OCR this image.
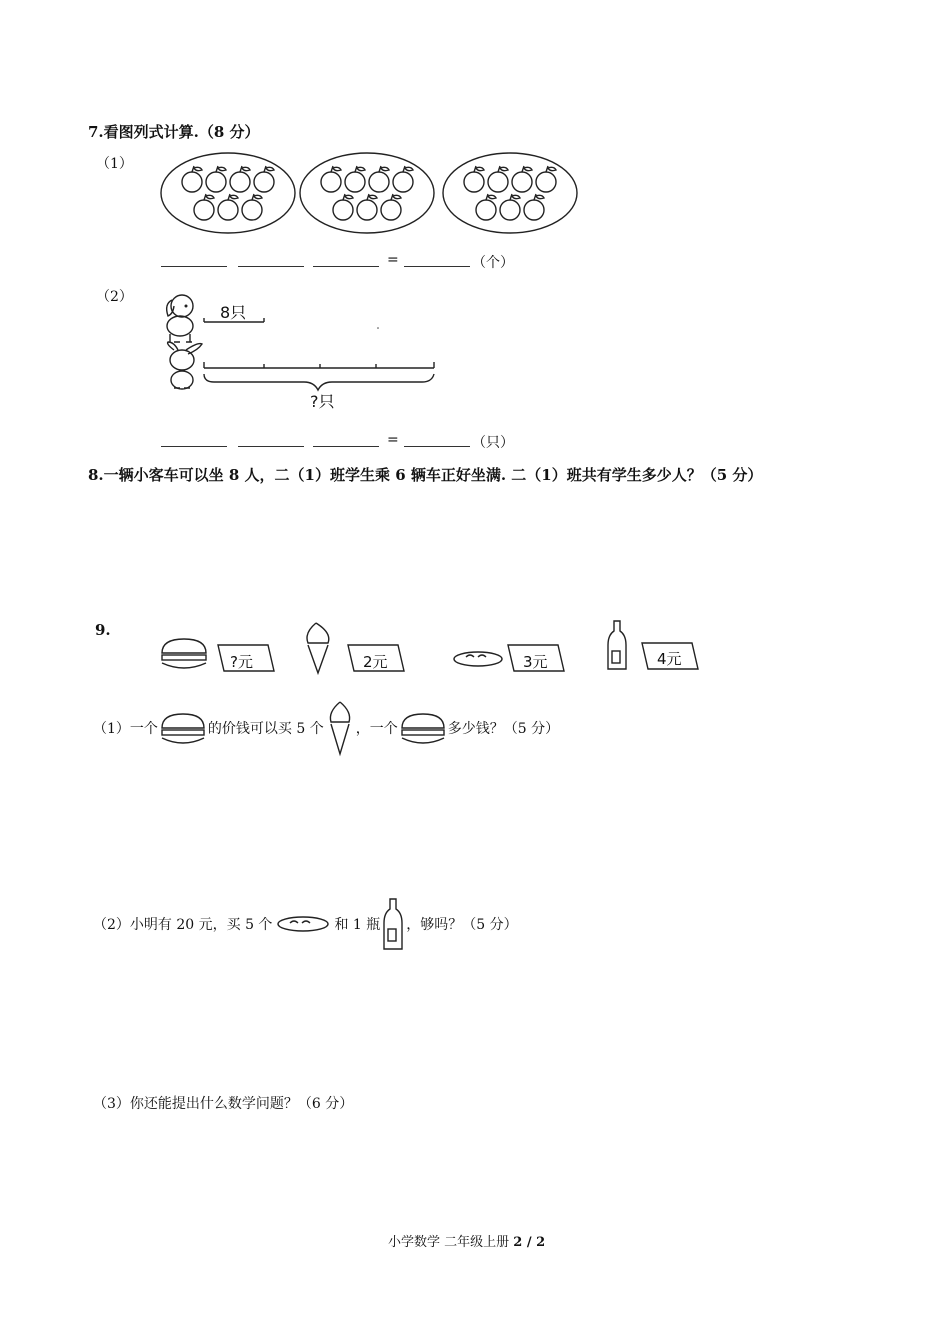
7.看图列式计算.（8 分）
（1）
=	（个）
（2）
8只
?只
=	（只）
8.一辆小客车可以坐 8 人，二（1）班学生乘 6 辆车正好坐满. 二（1）班共有学生多少人？（5 分）
9.
?元	2元	3元	4元
（1）一个	的价钱可以买 5 个 ，一个	多少钱？（5 分）
（2）小明有 20 元，买 5 个	和 1 瓶 ，够吗？（5 分）
（3）你还能提出什么数学问题？（6 分）
小学数学 二年级上册 2 / 2
